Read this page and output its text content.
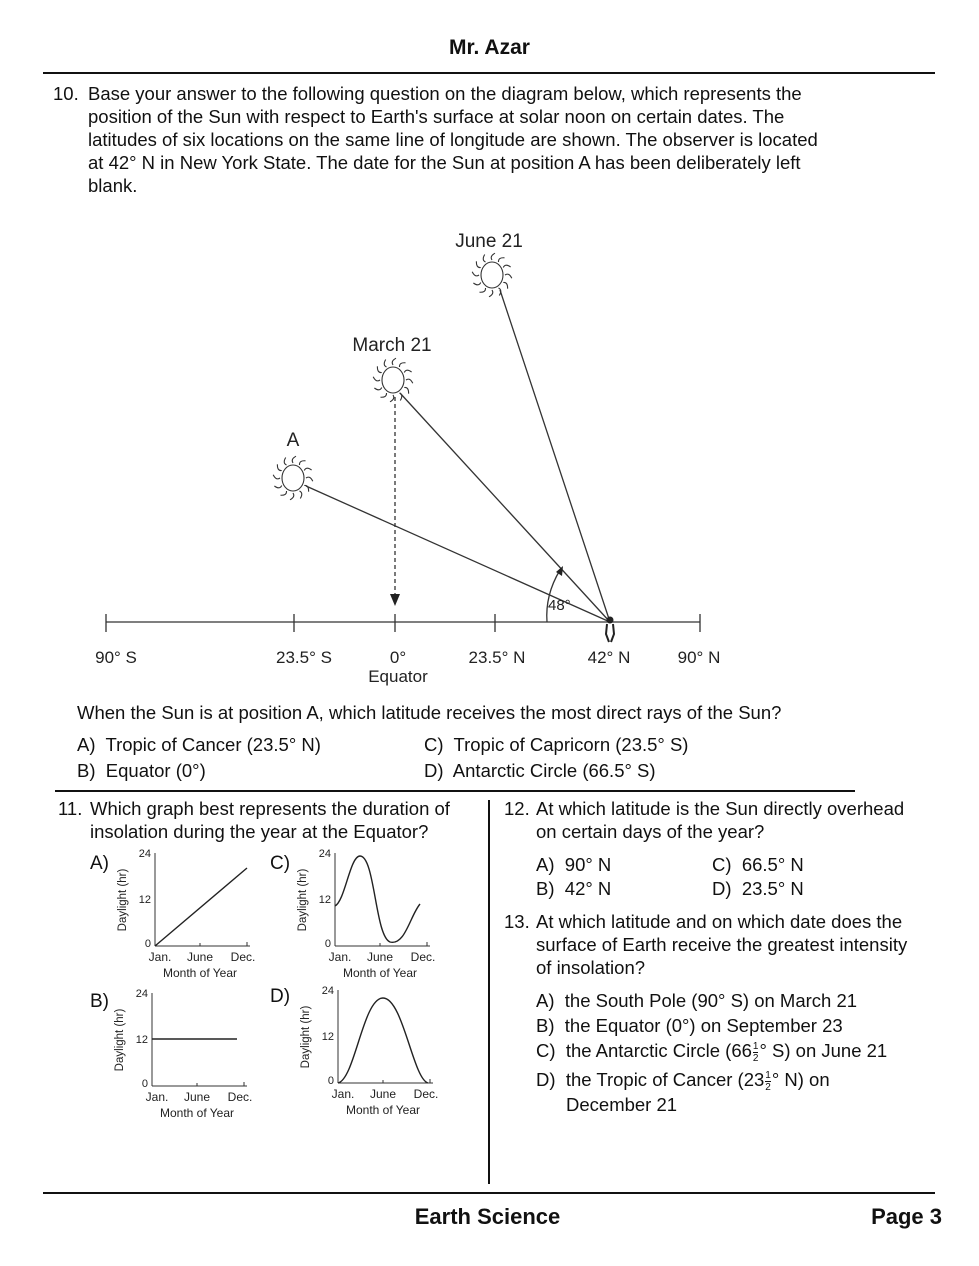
Mr. Azar
10. Base your answer to the following question on the diagram below, which represents the
position of the Sun with respect to Earth's surface at solar noon on certain dates. The
latitudes of six locations on the same line of longitude are shown. The observer is located
at 42° N in New York State. The date for the Sun at position A has been deliberately left
blank.
June 21
March 21
A
48°
90° S	23.5° S	0°	23.5° N	42° N	90° N
Equator
When the Sun is at position A, which latitude receives the most direct rays of the Sun?
A) Tropic of Cancer (23.5° N)
B) Equator (0°)
C) Tropic of Capricorn (23.5° S)
D) Antarctic Circle (66.5° S)
11. Which graph best represents the duration of
insolation during the year at the Equator?
A)	24
12
0
Jan. June Dec.
Month of Year
Daylight (hr)
B) 24
12
0
Jan. June Dec.
Month of Year
Daylight (hr)
C)	24
12
0
Jan. June Dec.
Month of Year
Daylight (hr)
D)	24
12
0
Jan. June Dec.
Month of Year
Daylight (hr)
12. At which latitude is the Sun directly overhead
on certain days of the year?
A) 90° N
B) 42° N
C) 66.5° N
D) 23.5° N
13. At which latitude and on which date does the
surface of Earth receive the greatest intensity
of insolation?
A) the South Pole (90° S) on March 21
B) the Equator (0°) on September 23
C) the Antarctic Circle ($66 \frac{1}{2}$ ° S) on June 21
D) the Tropic of Cancer ($23 \frac{1}{2}$ ° N) on
December 21
Earth Science	Page 3
